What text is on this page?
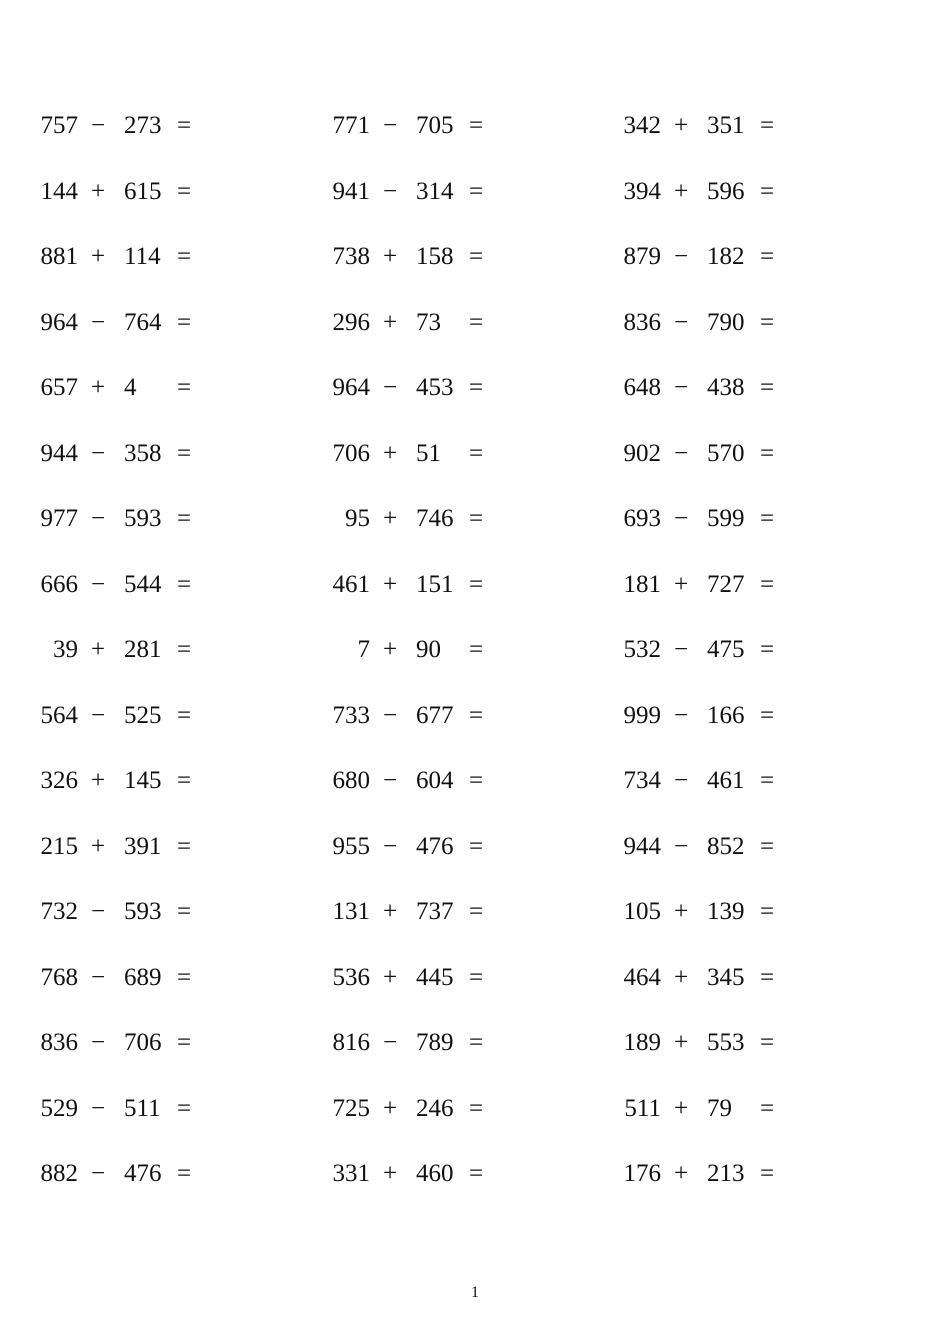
757 − 273 =	771 − 705 =	342 + 351 =
144 + 615 =	941 − 314 =	394 + 596 =
881 + 114 =	738 + 158 =	879 − 182 =
964 − 764 =	296 + 73	=	836 − 790 =
657 + 4	=	964 − 453 =	648 − 438 =
944 − 358 =	706 + 51	=	902 − 570 =
977 − 593 =	95 + 746 =	693 − 599 =
666 − 544 =	461 + 151 =	181 + 727 =
39 + 281 =	7 + 90	=	532 − 475 =
564 − 525 =	733 − 677 =	999 − 166 =
326 + 145 =	680 − 604 =	734 − 461 =
215 + 391 =	955 − 476 =	944 − 852 =
732 − 593 =	131 + 737 =	105 + 139 =
768 − 689 =	536 + 445 =	464 + 345 =
836 − 706 =	816 − 789 =	189 + 553 =
529 − 511 =	725 + 246 =	511 + 79	=
882 − 476 =	331 + 460 =	176 + 213 =
1
